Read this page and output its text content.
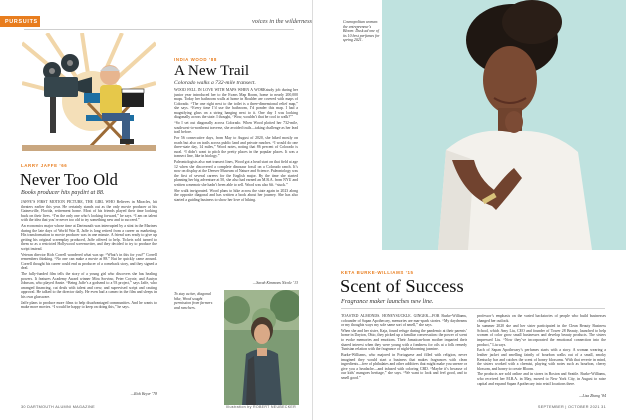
PURSUITS	voices in the wilderness
LARRY JAFFE ’66
Never Too Old
Books producer hits paydirt at 88.

JAFFE’S FIRST MOTION PICTURE, THE GIRL WHO Believes in Miracles, hit theaters earlier this year. He certainly stands out as the only movie producer at his Gainesville, Florida, retirement home. Most of his friends played their time looking back on their lives. “I’m the only one who’s looking forward,” he says. “I am on talent with the idea that you’re never too old to try something new and to succeed.”

An economics major whose time at Dartmouth was interrupted by a stint in the Marines during the late days of World War II, Jaffe is long retired from a career as marketing. His transformation to movie producer was in one minute. A friend was ready to give up getting his original screenplay produced, Jaffe offered to help. Tickets sold turned to them so as a restricted Hollywood screenwriter, and they decided to try to produce the script instead.

Veteran director Rich Correll wondered what was up: “What’s in this for you?” Correll remembers thinking. “No one can make a movie at 88.” But he quickly came around. Correll thought his career could end as producer of a comeback story, and they signed a deal.

The fully-funded film tells the story of a young girl who discovers she has healing powers. It features Academy Award winner Mira Sorvino, Peter Coyote, and Austyn Johnson, who played Annie. “Being Jaffe’s a godsend to a 93 project,” says Jaffe, who arranged financing, cut deals with talent and crew, and supervised script and casting approval. He talked to the director daily. He even had a cameo in the film and sleeps in his own glassware.

Jaffe plans to produce more films to help disadvantaged communities. And he wants to make more movies. “I would be happy to keep on doing this,” he says.

—Rick Beyer ’78
INDIA WOOD ’88
A New Trail
Colorado walks a 732-mile transect.

WOOD FELL IN LOVE WITH MAPS WHEN A WORKstudy job during her junior year introduced her to the Evans Map Room, home to nearly 200,000 maps. Today her bathroom walls at home in Boulder are covered with maps of Colorado. “The one right next to the toilet is a three-dimensional relief map,” she says. “Every time I’d use the bathroom, I’d ponder this map. I had a magnifying glass on a string hanging next to it. One day I was looking diagonally across the state. I thought, ‘Wow, wouldn’t that be cool to walk?’”

“So I set out diagonally across Colorado. When Wood plotted her 732-mile, southwest-to-northeast traverse, she avoided trails—taking challenge as her lead trail before.

For 56 consecutive days, from May to August of 2020, she hiked mostly on roads but also on trails across public land and private ranches. “I would do one three-state day, 14 miles,” Wood notes, noting that 86 percent of Colorado is rural. “I didn’t want to pitch the pretty places in the popular places. It was a transect line, like in biology.”

Paleontologists also met transect lines, Wood got a head start on that field at age 12 when she discovered a complete dinosaur fossil on a Colorado ranch. It’s now on display at the Denver Museum of Nature and Science. Paleontology was the first of several careers for the English major. By the time she started planning her big adventure at 50, she also had earned an M.B.A. from NYU and written a memoir she hadn’t been able to sell. Wood was also 6ft. “stuck.”

She walk invigorated. Wood plans to hike across the state again in 2023 along the opposite diagonal and has written a book about her journey. She has also started a guiding business to show her love of hiking.

—Sarah Kimmons Nicole ’13
To stay active, diagonal hike, Wood sought permission from farmers and ranchers.
30 DARTMOUTH ALUMNI MAGAZINE	Illustration by ROBERT NEUBECKER
Cosmopolitan woman: the entrepreneur’s Bloom: Dusk ad one of its 10 best perfumes for spring 2021.
KETA BURKE-WILLIAMS ’15
Scent of Success
Fragrance maker launches new line.

TOASTED ALMONDS. HONEYSUCKLE. GINGER—FOR Burke-Williams, cofounder of Sapan Apothecary, memories are mar-spark stories. “My daydreams or my thoughts ways my sole same sort of smell,” she says.

When she and her sister, Kaja, found refuge during the pandemic at their parents’ home in Dayton, Ohio, they picked up a familiar conversation: the power of scent to evoke memories and emotions. Their Jamaican-born mother imparted their shared interest when they were young with a fondness for oils at a folk remedy Tunisian relation with the fragrance of night-blooming jasmine.

Burke-Williams, who majored in Portuguese and filled with religion, never imagined they would start a business that makes fragrances with clean ingredients—free of phthalates and other additives that might make you sneeze or give you a headache—and infused with coloring CBD. “Maybe it’s because of our kids’ mangoes heritage,” she says. “We want to look and feel good, and to smell good.”

professor’s emphasis on the varied backstories of people who build businesses changed her outlook.

In summer 2020 she and her sister participated in the Clean Beauty Business School, which Amy Liu, CEO and founder of Tower 28 Beauty, launched to help women of color grow small businesses and develop beauty products. The sisters impressed Liu. “Now they’ve incorporated the emotional connection into the product,” Liu says.

Each of Sapan Apothecary’s perfumes starts with a story. A woman wearing a leather jacket and smelling faintly of bourbon walks out of a small, smoky Kentucky bar and catches the scent of honey blossoms. With that reverie in mind, the sisters worked with a chemist, playing with notes such as bourbon, cherry blossom, and honey to create Bloom.

The products are sold online and in stores in Boston and Seattle. Burke-Williams, who received her M.B.A. in May, moved to New York City, in August to raise capital and expand Sapan Apothecary into retail locations there.

—Lisa Zhang ’84
SEPTEMBER | OCTOBER 2021 31
